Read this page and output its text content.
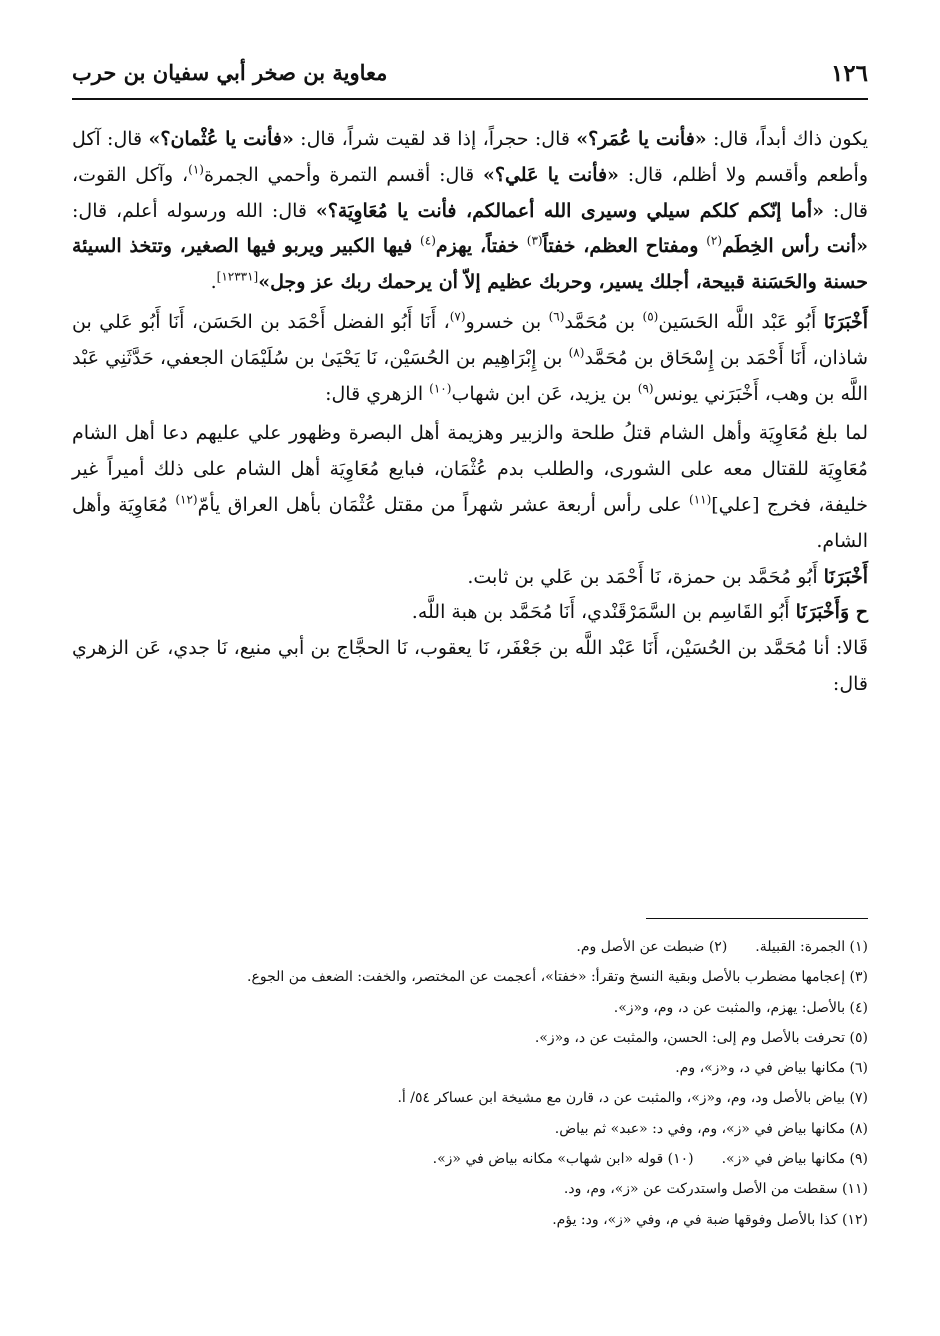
١٢٦
معاوية بن صخر أبي سفيان بن حرب

يكون ذاك أبداً، قال: «فأنت يا عُمَر؟» قال: حجراً، إذا قد لقيت شراً، قال: «فأنت يا عُثْمان؟» قال: آكل وأطعم وأقسم ولا أظلم، قال: «فأنت يا عَلي؟» قال: أقسم التمرة وأحمي الجمرة$^{(١)}$، وآكل القوت، قال: «أما إنّكم كلكم سيلي وسيرى الله أعمالكم، فأنت يا مُعَاوِيَة؟» قال: الله ورسوله أعلم، قال: «أنت رأس الخِطَم$^{(٢)}$ ومفتاح العظم، خفتاً$^{(٣)}$ خفتاً، يهزم$^{(٤)}$ فيها الكبير ويربو فيها الصغير، وتتخذ السيئة حسنة والحَسَنة قبيحة، أجلك يسير، وحربك عظيم إلاّ أن يرحمك ربك عز وجل»[١٢٣٣١].

أَخْبَرَنَا أَبُو عَبْد اللَّه الحَسَين$^{(٥)}$ بن مُحَمَّد$^{(٦)}$ بن خسرو$^{(٧)}$، أَنَا أَبُو الفضل أَحْمَد بن الحَسَن، أَنَا أَبُو عَلي بن شاذان، أَنَا أَحْمَد بن إِسْحَاق بن مُحَمَّد$^{(٨)}$ بن إِبْرَاهِيم بن الحُسَيْن، نَا يَحْيَىٰ بن سُلَيْمَان الجعفي، حَدَّثَنِي عَبْد اللَّه بن وهب، أَخْبَرَني يونس$^{(٩)}$ بن يزيد، عَن ابن شهاب$^{(١٠)}$ الزهري قال:

لما بلغ مُعَاوِيَة وأهل الشام قتلُ طلحة والزبير وهزيمة أهل البصرة وظهور علي عليهم دعا أهل الشام مُعَاوِيَة للقتال معه على الشورى، والطلب بدم عُثْمَان، فبايع مُعَاوِيَة أهل الشام على ذلك أميراً غير خليفة، فخرج [علي]$^{(١١)}$ على رأس أربعة عشر شهراً من مقتل عُثْمَان بأهل العراق يأمّ$^{(١٢)}$ مُعَاوِيَة وأهل الشام.

أَخْبَرَنَا أَبُو مُحَمَّد بن حمزة، نَا أَحْمَد بن عَلي بن ثابت.

ح وَأَخْبَرَنَا أَبُو القَاسِم بن السَّمَرْقَنْدي، أَنَا مُحَمَّد بن هبة اللَّه.

قَالا: أنا مُحَمَّد بن الحُسَيْن، أَنَا عَبْد اللَّه بن جَعْفَر، نَا يعقوب، نَا الحجَّاج بن أبي منيع، نَا جدي، عَن الزهري قال:

(١) الجمرة: القبيلة.
(٢) ضبطت عن الأصل وم.
(٣) إعجامها مضطرب بالأصل وبقية النسخ وتقرأ: «خفتا»، أعجمت عن المختصر، والخفت: الضعف من الجوع.
(٤) بالأصل: يهزم، والمثبت عن د، وم، و«ز».
(٥) تحرفت بالأصل وم إلى: الحسن، والمثبت عن د، و«ز».
(٦) مكانها بياض في د، و«ز»، وم.
(٧) بياض بالأصل ود، وم، و«ز»، والمثبت عن د، قارن مع مشيخة ابن عساكر ٥٤/ أ.
(٨) مكانها بياض في «ز»، وم، وفي د: «عبد» ثم بياض.
(٩) مكانها بياض في «ز».
(١٠) قوله «ابن شهاب» مكانه بياض في «ز».
(١١) سقطت من الأصل واستدركت عن «ز»، وم، ود.
(١٢) كذا بالأصل وفوقها ضبة في م، وفي «ز»، ود: يؤم.
